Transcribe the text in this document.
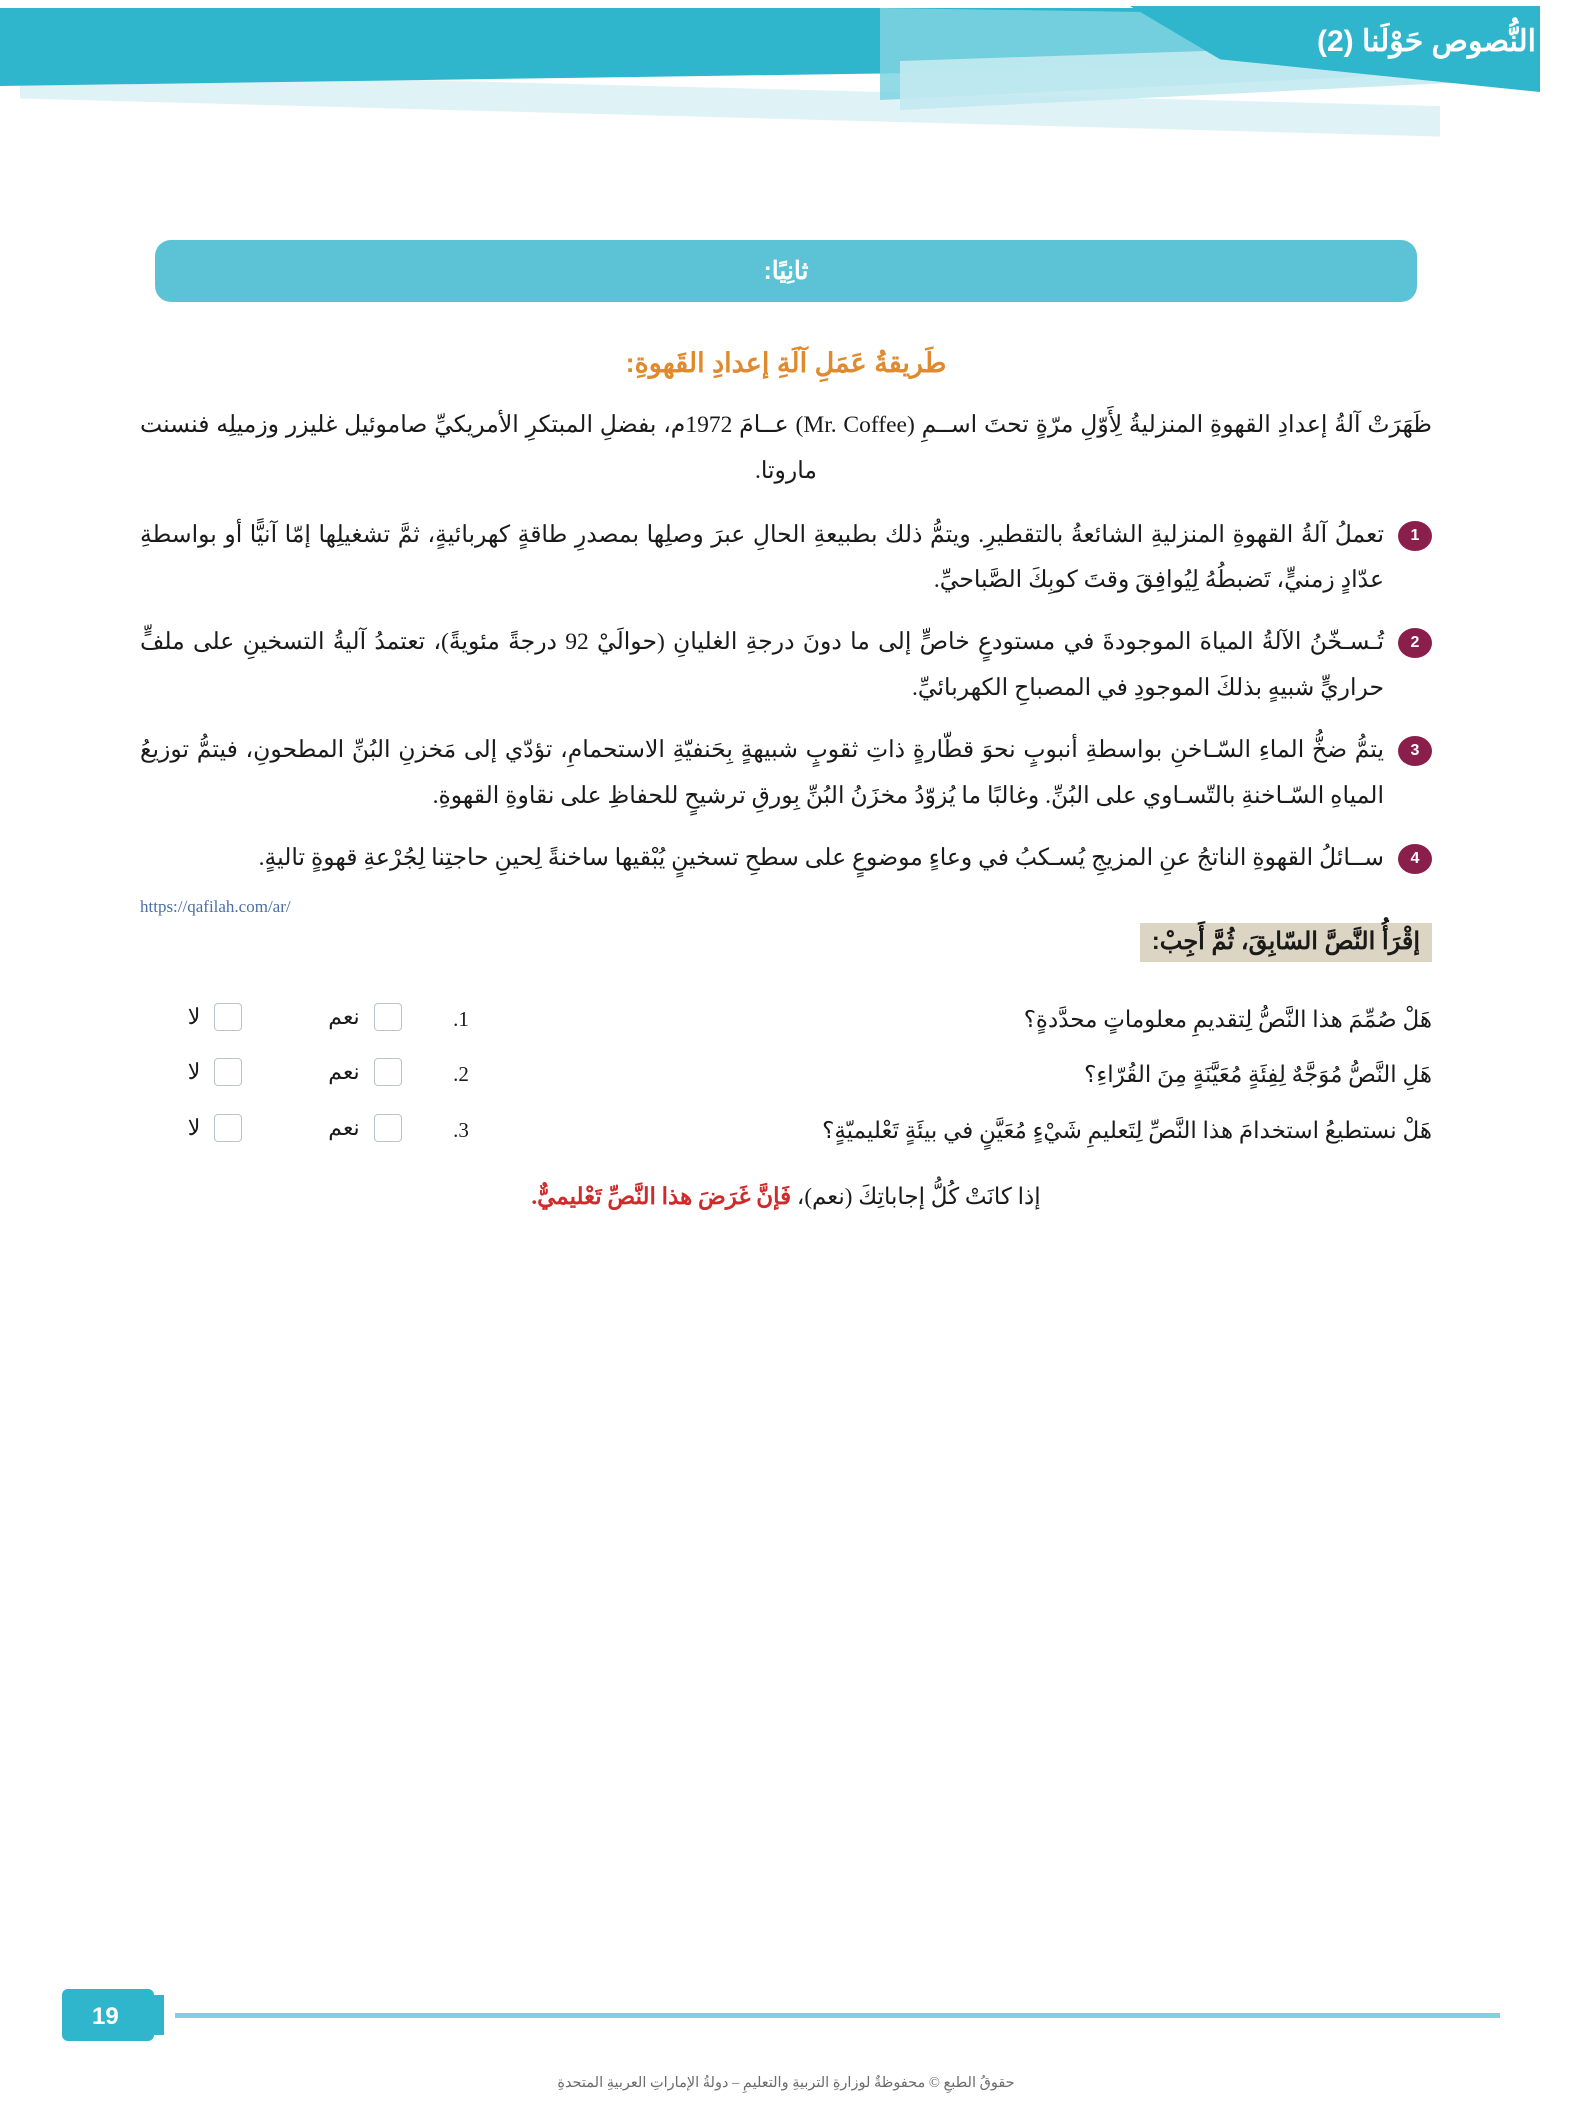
النُّصوص حَوْلَنا (2)
ثانِيًا:
طَريقةُ عَمَلِ آلَةِ إعدادِ القَهوةِ:

ظَهَرَتْ آلةُ إعدادِ القهوةِ المنزليةُ لِأَوّلِ مرّةٍ تحتَ اســمِ (Mr. Coffee) عــامَ 1972م، بفضلِ المبتكرِ الأمريكيِّ صاموئيل غليزر وزميلِه فنسنت ماروتا.

1
تعملُ آلةُ القهوةِ المنزليةِ الشائعةُ بالتقطيرِ. ويتمُّ ذلك بطبيعةِ الحالِ عبرَ وصلِها بمصدرِ طاقةٍ كهربائيةٍ، ثمَّ تشغيلِها إمّا آنيًّا أو بواسطةِ عدّادٍ زمنيٍّ، تَضبطُهُ لِيُوافِقَ وقتَ كوبِكَ الصَّباحيِّ.
2
تُـسـخّنُ الآلةُ المياهَ الموجودةَ في مستودعٍ خاصٍّ إلى ما دونَ درجةِ الغليانِ (حوالَيْ 92 درجةً مئويةً)، تعتمدُ آليةُ التسخينِ على ملفٍّ حراريٍّ شبيهٍ بذلكَ الموجودِ في المصباحِ الكهربائيِّ.
3
يتمُّ ضخُّ الماءِ السّـاخنِ بواسطةِ أنبوبٍ نحوَ قطّارةٍ ذاتِ ثقوبٍ شبيهةٍ بِحَنفيّةِ الاستحمامِ، تؤدّي إلى مَخزنِ البُنِّ المطحونِ، فيتمُّ توزيعُ المياهِ السّـاخنةِ بالتّسـاوي على البُنِّ. وغالبًا ما يُزوّدُ مخزَنُ البُنِّ بِورقِ ترشيحٍ للحفاظِ على نقاوةِ القهوةِ.
4
ســائلُ القهوةِ الناتجُ عنِ المزيجِ يُسـكبُ في وعاءٍ موضوعٍ على سطحِ تسخينٍ يُبْقيها ساخنةً لِحينِ حاجتِنا لِجُرْعةِ قهوةٍ تاليةٍ.
https://qafilah.com/ar/
إقْرَأُ النَّصَّ السّابِقَ، ثُمَّ أَجِبْ:
هَلْ صُمِّمَ هذا النَّصُّ لِتقديمِ معلوماتٍ محدَّدةٍ؟	.1	نعم	لا

هَلِ النَّصُّ مُوَجَّهٌ لِفِئَةٍ مُعَيَّنَةٍ مِنَ القُرّاءِ؟	.2	نعم	لا

هَلْ نستطيعُ استخدامَ هذا النَّصِّ لِتَعليمِ شَيْءٍ مُعَيَّنٍ في بيئَةٍ تَعْليميّةٍ؟	.3	نعم	لا
إذا كانَتْ كُلُّ إجاباتِكَ (نعم)، فَإنَّ غَرَضَ هذا النَّصِّ تَعْليميٌّ.
19
حقوقُ الطبعِ © محفوظةٌ لوزارةِ التربيةِ والتعليمِ – دولةُ الإماراتِ العربيةِ المتحدةِ
